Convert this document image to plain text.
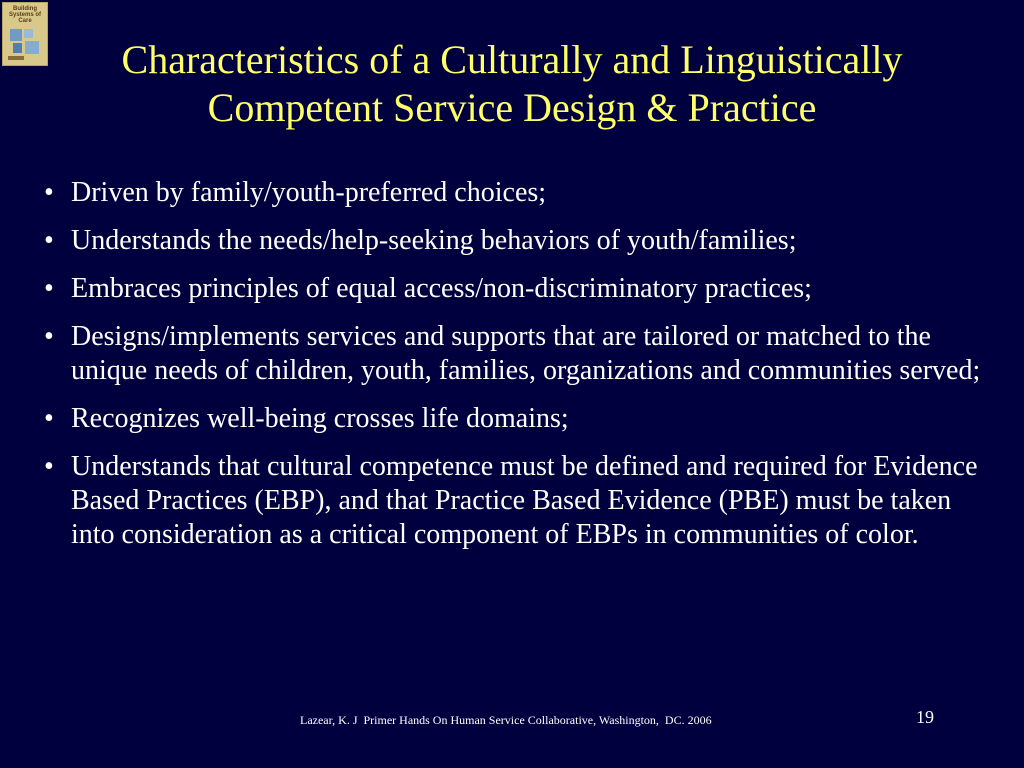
Building
Systems of
Care
Characteristics of a Culturally and Linguistically Competent Service Design & Practice
• Driven by family/youth-preferred choices;
• Understands the needs/help-seeking behaviors of youth/families;
• Embraces principles of equal access/non-discriminatory practices;
• Designs/implements services and supports that are tailored or matched to the unique needs of children, youth, families, organizations and communities served;
• Recognizes well-being crosses life domains;
• Understands that cultural competence must be defined and required for Evidence Based Practices (EBP), and that Practice Based Evidence (PBE) must be taken into consideration as a critical component of EBPs in communities of color.
Lazear, K. J  Primer Hands On Human Service Collaborative, Washington,  DC. 2006	19
